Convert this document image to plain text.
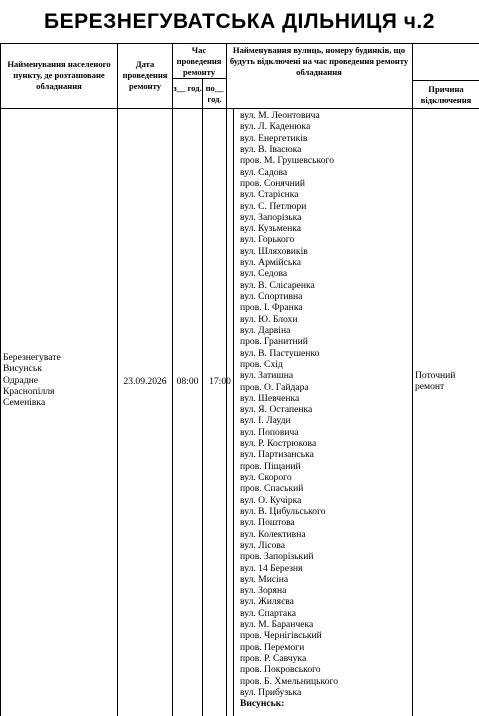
БЕРЕЗНЕГУВАТСЬКА ДІЛЬНИЦЯ ч.2
Найменування населеного пункту, де розташоване обладнання
Дата проведення ремонту
Час проведення ремонту
з__ год. по__ год.
Найменування вулиць, номеру будинків, що будуть відключені на час проведення ремонту обладнання
Причина відключення
Березнегувате
Висунськ
Одрадне
Краснопілля
Семенівка
23.09.2026	08:00	17:00
Поточний
ремонт
вул. М. Леонтовича
вул. Л. Каденюка
вул. Енергетиків
вул. В. Івасюка
пров. М. Грушевського
вул. Садова
пров. Сонячний
вул. Старієнка
вул. С. Петлюри
вул. Запорізька
вул. Кузьменка
вул. Горького
вул. Шляховиків
вул. Армійська
вул. Седова
вул. В. Слісаренка
вул. Спортивна
пров. І. Франка
вул. Ю. Блохи
вул. Дарвіна
пров. Гранитний
вул. В. Пастушенко
пров. Схід
вул. Затишна
пров. О. Гайдара
вул. Шевченка
вул. Я. Остапенка
вул. І. Лауди
вул. Поповича
вул. Р. Кострюкова
вул. Партизанська
пров. Піщаний
вул. Скорого
пров. Спаський
вул. О. Кучірка
вул. В. Цибульського
вул. Поштова
вул. Колективна
вул. Лісова
пров. Запорізький
вул. 14 Березня
вул. Мисіна
вул. Зоряна
вул. Жиляєва
вул. Спартака
вул. М. Баранчека
пров. Чернігівський
пров. Перемоги
пров. Р. Савчука
пров. Покровського
пров. Б. Хмельницького
вул. Прибузька
Висунськ:
